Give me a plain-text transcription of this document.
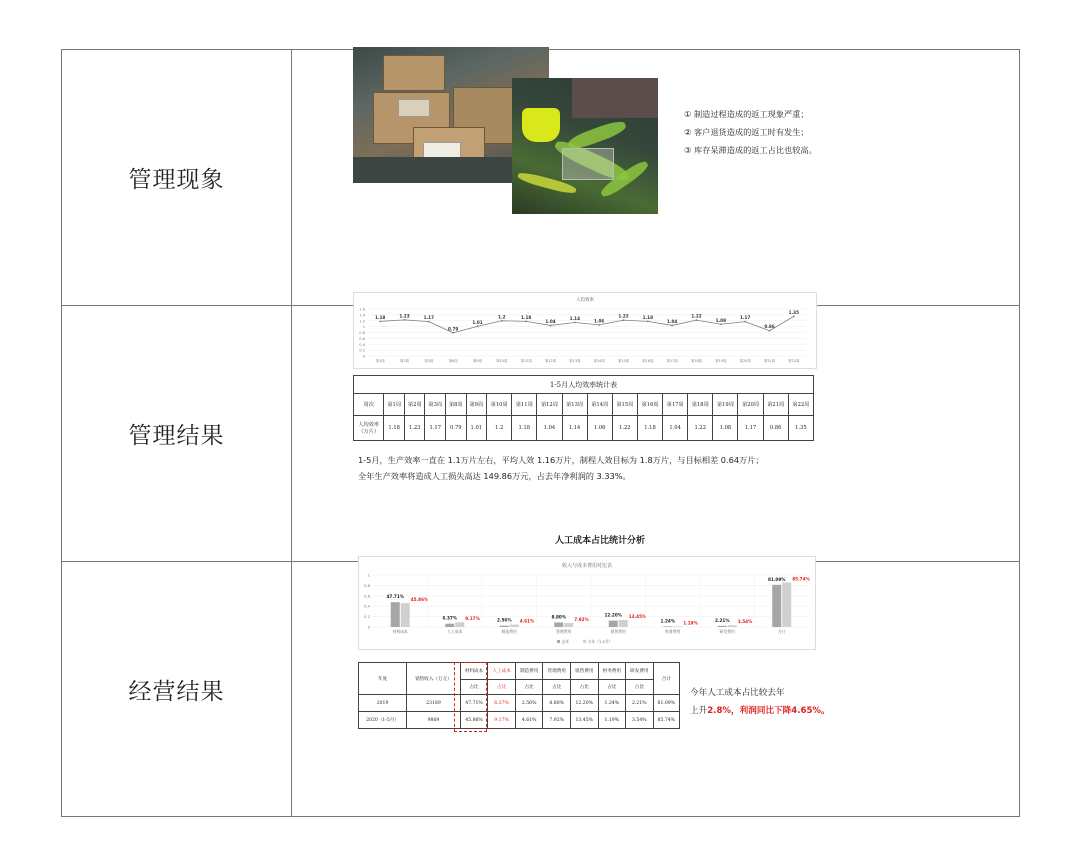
管理现象
管理结果
经营结果
① 制造过程造成的返工现象严重；
② 客户退货造成的返工时有发生；
③ 库存呆滞造成的返工占比也较高。
人均效率
0
0.2
0.4
0.6
0.8
1
1.2
1.4
1.6
1.18
第1周
1.23
第2周
1.17
第3周
0.79
第8周
1.01
第9周
1.2
第10周
1.18
第11周
1.04
第12周
1.14
第13周
1.06
第14周
1.22
第15周
1.18
第16周
1.04
第17周
1.22
第18周
1.08
第19周
1.17
第20周
0.86
第21周
1.35
第22周
1-5月人均效率统计表																		
周次	第1周	第2周	第3周	第8周	第9周	第10周	第11周	第12周	第13周	第14周	第15周	第16周	第17周	第18周	第19周	第20周	第21周	第22周

人均效率
（万片）	1.18	1.23	1.17	0.79	1.01	1.2	1.18	1.04	1.14	1.06	1.22	1.18	1.04	1.22	1.08	1.17	0.86	1.35
1-5月，生产效率一直在 1.1万片左右，平均人效 1.16万片，制程人效目标为 1.8万片，与目标相差 0.64万片；
全年生产效率将造成人工损失高达 149.86万元，占去年净利润的 3.33%。
人工成本占比统计分析
收入与成本费用对比表
0
0.2
0.4
0.6
0.8
1
47.71%
45.86%
材料成本
6.37% 9.17%
人工成本
2.56% 4.61%
制造费用
8.80% 7.92%
管理费用
12.20% 13.45%
销售费用
1.24% 1.19%
财务费用
2.21% 3.54%
研发费用
81.09% 85.74%
合计
去年	今年（1-5月）
年度	销售收入（万元）	材料成本	人工成本	制造费用	管理费用	销售费用	财务费用	研发费用	合计
		占比	占比	占比	占比	占比	占比	占比	
2019	23189	47.71%	6.37%	2.56%	8.80%	12.20%	1.24%	2.21%	81.09%
2020（1-5月）	9869	45.86%	9.17%	4.61%	7.92%	13.45%	1.19%	3.54%	85.74%
今年人工成本占比较去年
上升2.8%，利润同比下降4.65%。
